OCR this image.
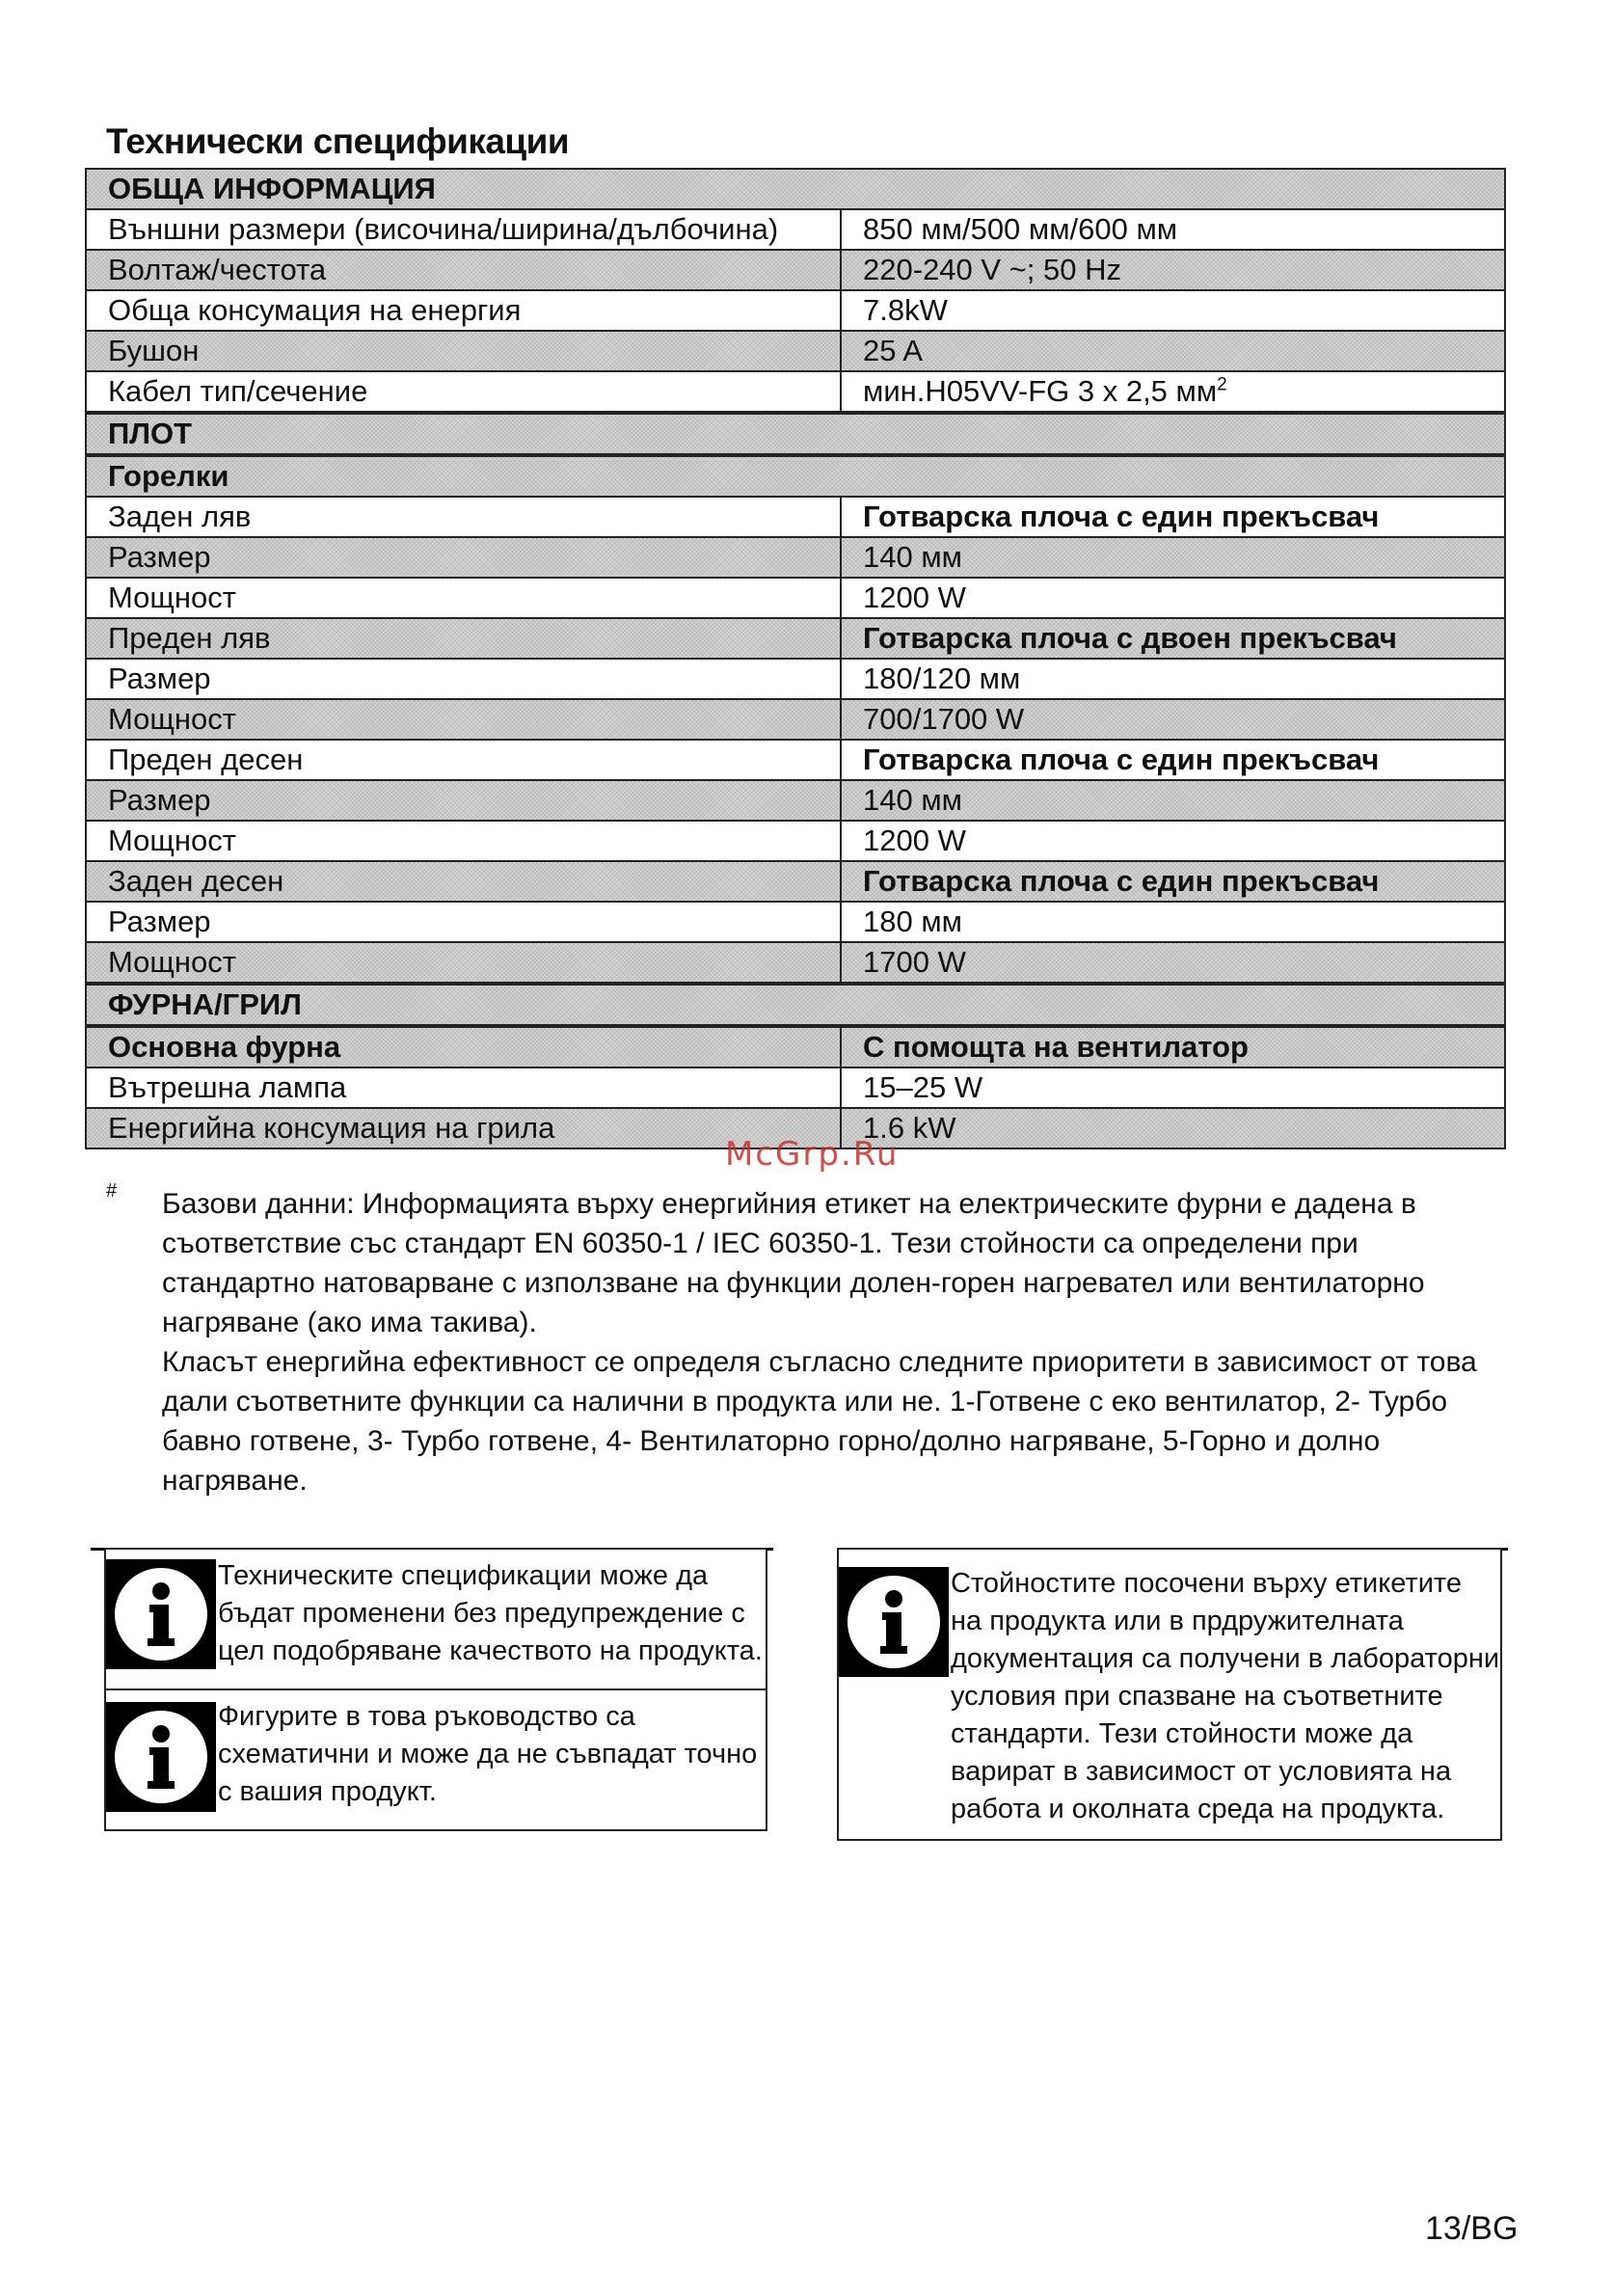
Технически спецификации
ОБЩА ИНФОРМАЦИЯ	
Външни размери (височина/ширина/дълбочина)	850 мм/500 мм/600 мм
Волтаж/честота	220-240 V ~; 50 Hz
Обща консумация на енергия	7.8kW
Бушон	25 A
Кабел тип/сечение	мин.H05VV-FG 3 x 2,5 $мм^2$
ПЛОТ	
Горелки	
Заден ляв	Готварска плоча с един прекъсвач
Размер	140 мм
Мощност	1200 W
Преден ляв	Готварска плоча с двоен прекъсвач
Размер	180/120 мм
Мощност	700/1700 W
Преден десен	Готварска плоча с един прекъсвач
Размер	140 мм
Мощност	1200 W
Заден десен	Готварска плоча с един прекъсвач
Размер	180 мм
Мощност	1700 W
ФУРНА/ГРИЛ	
Основна фурна	С помощта на вентилатор
Вътрешна лампа	15–25 W
Енергийна консумация на грила	1.6 kW
McGrp.Ru
# Базови данни: Информацията върху енергийния етикет на електрическите фурни е дадена в съответствие със стандарт EN 60350-1 / IEC 60350-1. Тези стойности са определени при стандартно натоварване с използване на функции долен-горен нагревател или вентилаторно нагряване (ако има такива).

Класът енергийна ефективност се определя съгласно следните приоритети в зависимост от това дали съответните функции са налични в продукта или не. 1-Готвене с еко вентилатор, 2- Турбо бавно готвене, 3- Турбо готвене, 4- Вентилаторно горно/долно нагряване, 5-Горно и долно нагряване.

Техническите спецификации може да бъдат променени без предупреждение с цел подобряване качеството на продукта.
Фигурите в това ръководство са схематични и може да не съвпадат точно с вашия продукт.
Стойностите посочени върху етикетите на продукта или в прдружителната документация са получени в лабораторни условия при спазване на съответните стандарти. Тези стойности може да варират в зависимост от условията на работа и околната среда на продукта.
13/BG
